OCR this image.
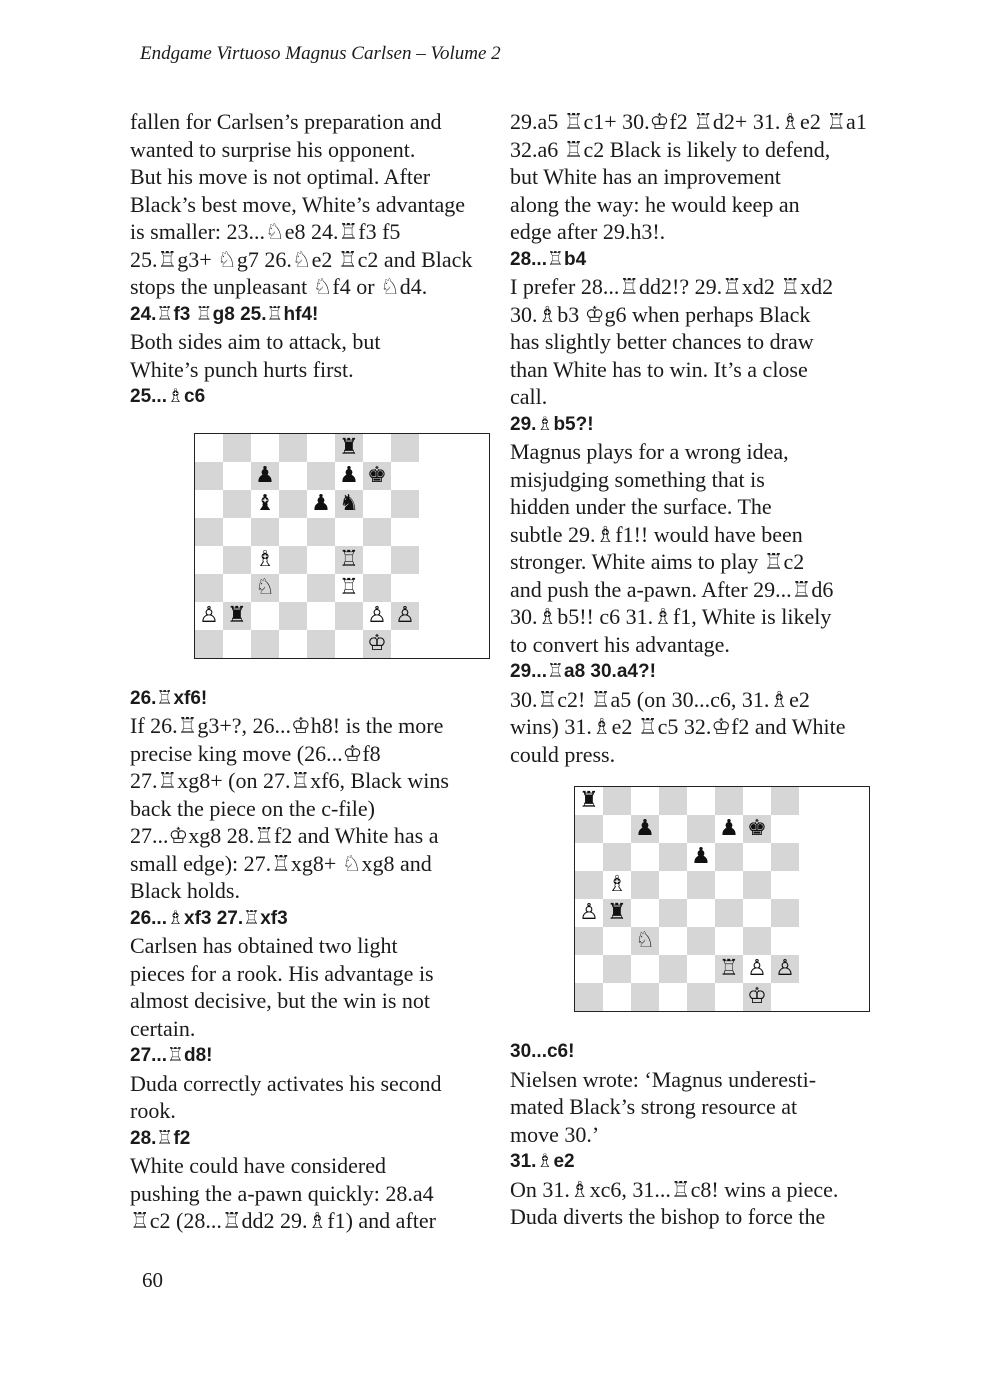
Endgame Virtuoso Magnus Carlsen – Volume 2

fallen for Carlsen’s preparation and

wanted to surprise his opponent.

But his move is not optimal. After

Black’s best move, White’s advantage

is smaller: 23...♘e8 24.♖f3 f5

25.♖g3+ ♘g7 26.♘e2 ♖c2 and Black

stops the unpleasant ♘f4 or ♘d4.

24.♖f3 ♖g8 25.♖hf4!

Both sides aim to attack, but

White’s punch hurts first.

25...♗c6

♜
♟	♟ ♚
♝ ♟ ♞
♗	♖
♘	♖
♙ ♜	♙ ♙
♔

26.♖xf6!

If 26.♖g3+?, 26...♔h8! is the more

precise king move (26...♔f8

27.♖xg8+ (on 27.♖xf6, Black wins

back the piece on the c-file)

27...♔xg8 28.♖f2 and White has a

small edge): 27.♖xg8+ ♘xg8 and

Black holds.

26...♗xf3 27.♖xf3

Carlsen has obtained two light

pieces for a rook. His advantage is

almost decisive, but the win is not

certain.

27...♖d8!

Duda correctly activates his second

rook.

28.♖f2

White could have considered

pushing the a-pawn quickly: 28.a4

♖c2 (28...♖dd2 29.♗f1) and after

29.a5 ♖c1+ 30.♔f2 ♖d2+ 31.♗e2 ♖a1

32.a6 ♖c2 Black is likely to defend,

but White has an improvement

along the way: he would keep an

edge after 29.h3!.

28...♖b4

I prefer 28...♖dd2!? 29.♖xd2 ♖xd2

30.♗b3 ♔g6 when perhaps Black

has slightly better chances to draw

than White has to win. It’s a close

call.

29.♗b5?!

Magnus plays for a wrong idea,

misjudging something that is

hidden under the surface. The

subtle 29.♗f1!! would have been

stronger. White aims to play ♖c2

and push the a-pawn. After 29...♖d6

30.♗b5!! c6 31.♗f1, White is likely

to convert his advantage.

29...♖a8 30.a4?!

30.♖c2! ♖a5 (on 30...c6, 31.♗e2

wins) 31.♗e2 ♖c5 32.♔f2 and White

could press.

♜
♟	♟ ♚
♟
♗
♙ ♜
♘
♖ ♙ ♙
♔

30...c6!

Nielsen wrote: ‘Magnus underesti-

mated Black’s strong resource at

move 30.’

31.♗e2

On 31.♗xc6, 31...♖c8! wins a piece.

Duda diverts the bishop to force the

60
